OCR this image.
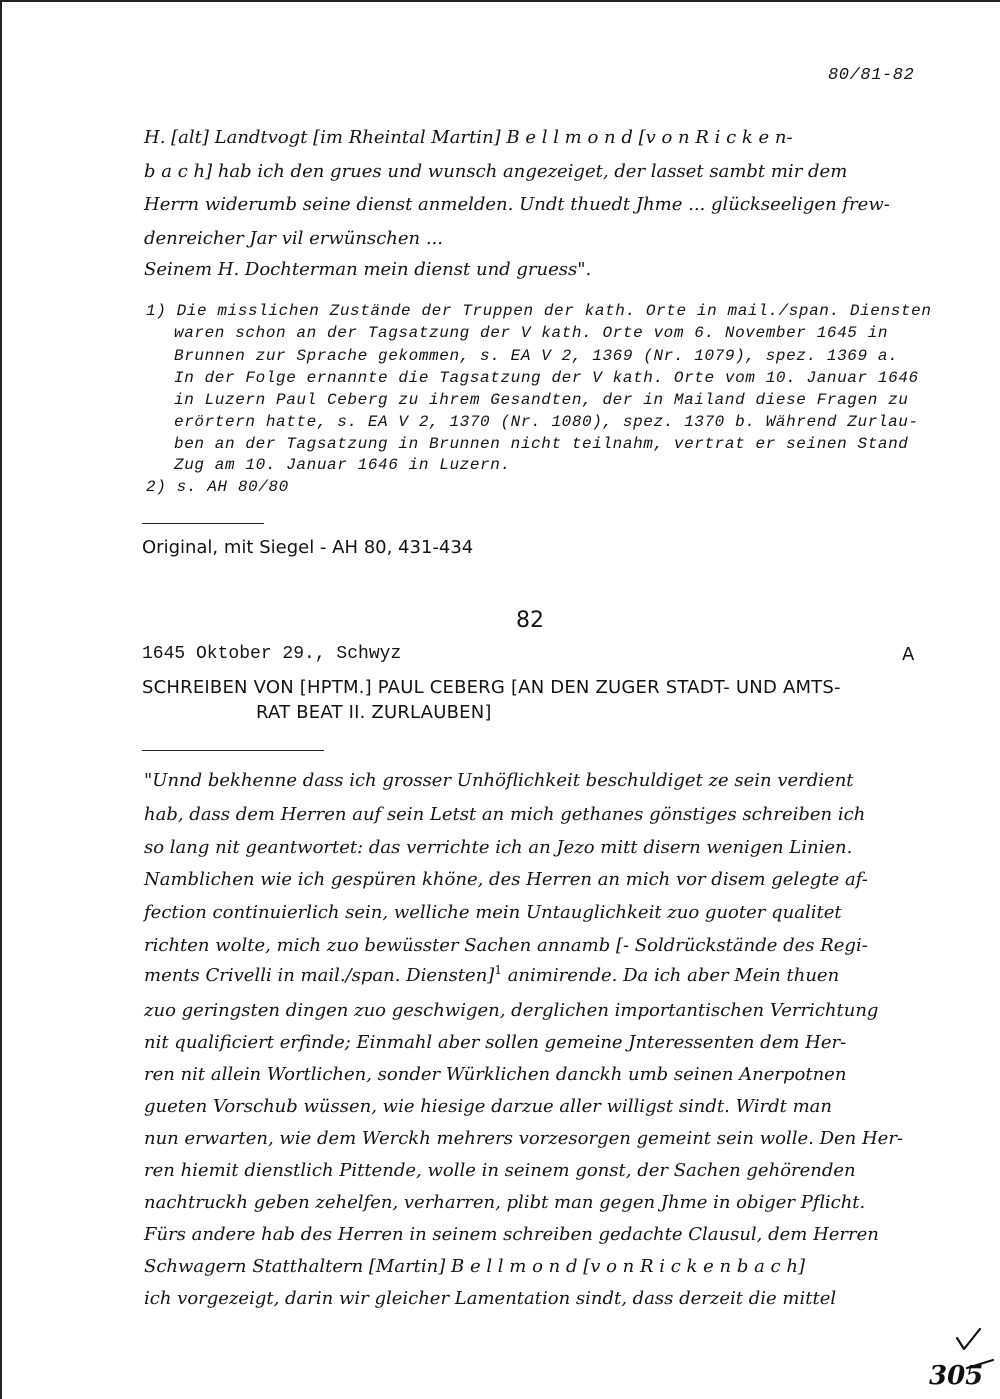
80/81-82
H. [alt] Landtvogt [im Rheintal Martin] B e l l m o n d [v o n R i c k e n-
b a c h] hab ich den grues und wunsch angezeiget, der lasset sambt mir dem
Herrn widerumb seine dienst anmelden. Undt thuedt Jhme ... glückseeligen frew-
denreicher Jar vil erwünschen ...
Seinem H. Dochterman mein dienst und gruess".
1) Die misslichen Zustände der Truppen der kath. Orte in mail./span. Diensten
waren schon an der Tagsatzung der V kath. Orte vom 6. November 1645 in
Brunnen zur Sprache gekommen, s. EA V 2, 1369 (Nr. 1079), spez. 1369 a.
In der Folge ernannte die Tagsatzung der V kath. Orte vom 10. Januar 1646
in Luzern Paul Ceberg zu ihrem Gesandten, der in Mailand diese Fragen zu
erörtern hatte, s. EA V 2, 1370 (Nr. 1080), spez. 1370 b. Während Zurlau-
ben an der Tagsatzung in Brunnen nicht teilnahm, vertrat er seinen Stand
Zug am 10. Januar 1646 in Luzern.
2) s. AH 80/80
Original, mit Siegel - AH 80, 431-434
82
1645 Oktober 29., Schwyz	A
SCHREIBEN VON [HPTM.] PAUL CEBERG [AN DEN ZUGER STADT- UND AMTS-
RAT BEAT II. ZURLAUBEN]
"Unnd bekhenne dass ich grosser Unhöflichkeit beschuldiget ze sein verdient
hab, dass dem Herren auf sein Letst an mich gethanes gönstiges schreiben ich
so lang nit geantwortet: das verrichte ich an Jezo mitt disern wenigen Linien.
Namblichen wie ich gespüren khöne, des Herren an mich vor disem gelegte af-
fection continuierlich sein, welliche mein Untauglichkeit zuo guoter qualitet
richten wolte, mich zuo bewüsster Sachen annamb [- Soldrückstände des Regi-
ments Crivelli in mail./span. Diensten]$^1$ animirende. Da ich aber Mein thuen
zuo geringsten dingen zuo geschwigen, derglichen importantischen Verrichtung
nit qualificiert erfinde; Einmahl aber sollen gemeine Jnteressenten dem Her-
ren nit allein Wortlichen, sonder Würklichen danckh umb seinen Anerpotnen
gueten Vorschub wüssen, wie hiesige darzue aller willigst sindt. Wirdt man
nun erwarten, wie dem Werckh mehrers vorzesorgen gemeint sein wolle. Den Her-
ren hiemit dienstlich Pittende, wolle in seinem gonst, der Sachen gehörenden
nachtruckh geben zehelfen, verharren, plibt man gegen Jhme in obiger Pflicht.
Fürs andere hab des Herren in seinem schreiben gedachte Clausul, dem Herren
Schwagern Statthaltern [Martin] B e l l m o n d [v o n R i c k e n b a c h]
ich vorgezeigt, darin wir gleicher Lamentation sindt, dass derzeit die mittel
305
